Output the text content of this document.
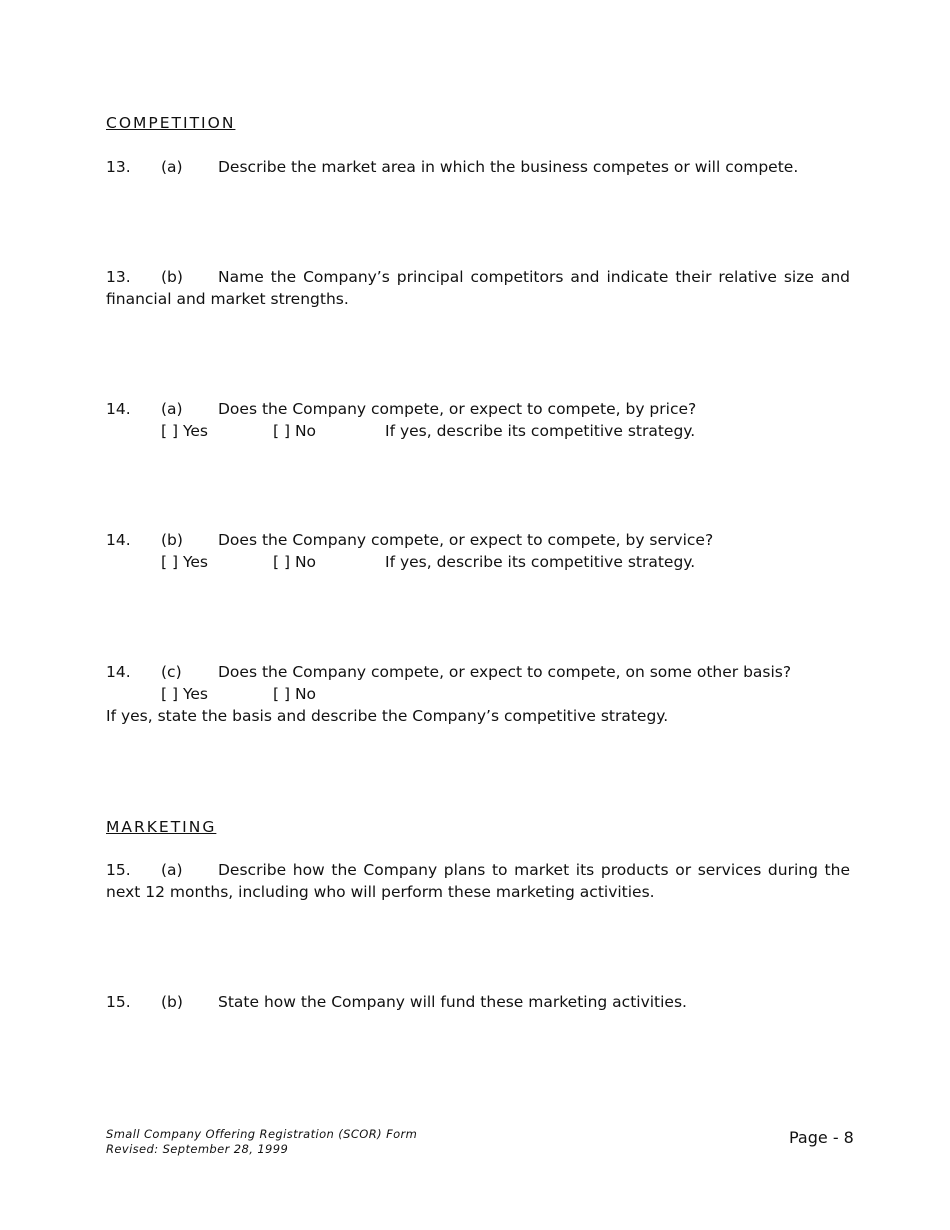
COMPETITION
13. (a)	Describe the market area in which the business competes or will compete.
13. (b)	Name the Company’s principal competitors and indicate their relative size and financial and market strengths.
14. (a)	Does the Company compete, or expect to compete, by price?
[ ] Yes	[ ] No	If yes, describe its competitive strategy.
14. (b)	Does the Company compete, or expect to compete, by service?
[ ] Yes	[ ] No	If yes, describe its competitive strategy.
14. (c)	Does the Company compete, or expect to compete, on some other basis?
[ ] Yes	[ ] No
If yes, state the basis and describe the Company’s competitive strategy.
MARKETING
15. (a)	Describe how the Company plans to market its products or services during the next 12 months, including who will perform these marketing activities.
15. (b)	State how the Company will fund these marketing activities.
Small Company Offering Registration (SCOR) Form
Revised: September 28, 1999
Page - 8
